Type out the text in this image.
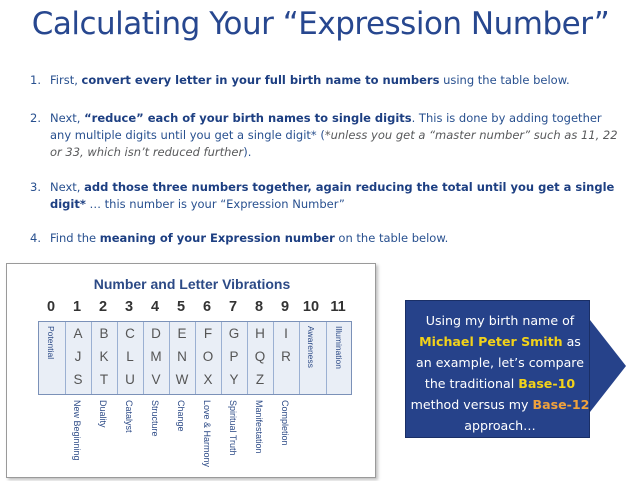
Calculating Your “Expression Number”
1. First, convert every letter in your full birth name to numbers using the table below.
2. Next, “reduce” each of your birth names to single digits. This is done by adding together any multiple digits until you get a single digit* (*unless you get a “master number” such as 11, 22 or 33, which isn’t reduced further).
3. Next, add those three numbers together, again reducing the total until you get a single digit* … this number is your “Expression Number”
4. Find the meaning of your Expression number on the table below.
Number and Letter Vibrations
0 1 2 3 4 5 6 7 8 9 10 11
Potential	A
J
S
B
K
T
C
L
U
D
M
V
E
N
W
F
O
X
G
P
Y
H
Q
Z
I
R	Awareness Illumination
New Beginning Duality Catalyst Structure Change Love & Harmony Spiritual Truth Manifestation Completion
Using my birth name of Michael Peter Smith as an example, let’s compare the traditional Base-10 method versus my Base-12 approach…
